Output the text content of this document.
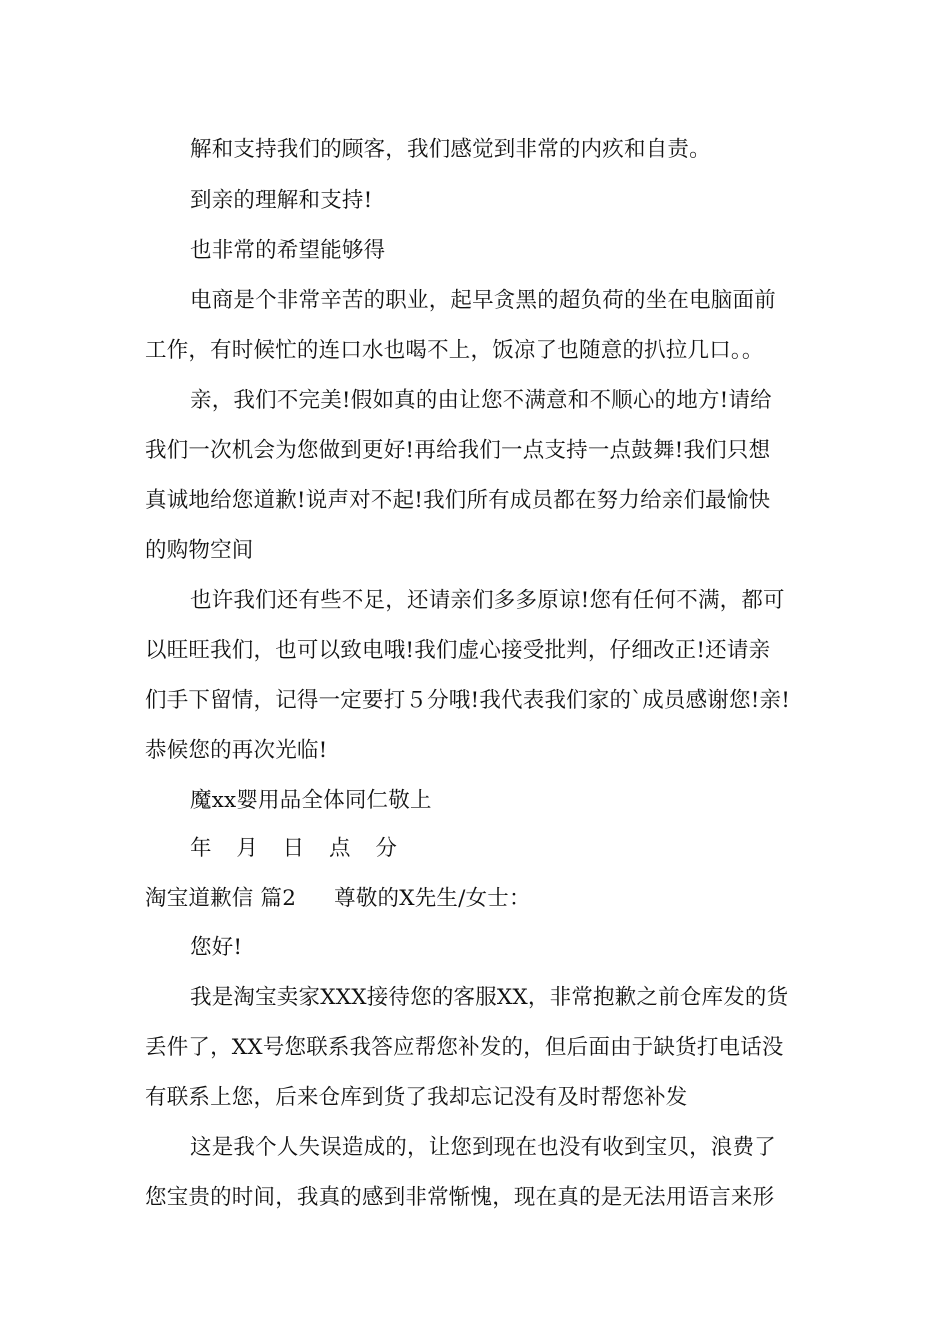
解和支持我们的顾客，我们感觉到非常的内疚和自责。
到亲的理解和支持!
也非常的希望能够得
电商是个非常辛苦的职业，起早贪黑的超负荷的坐在电脑面前
工作，有时候忙的连口水也喝不上，饭凉了也随意的扒拉几口。。
亲，我们不完美!假如真的由让您不满意和不顺心的地方!请给
我们一次机会为您做到更好!再给我们一点支持一点鼓舞!我们只想
真诚地给您道歉!说声对不起!我们所有成员都在努力给亲们最愉快
的购物空间
也许我们还有些不足，还请亲们多多原谅!您有任何不满，都可
以旺旺我们，也可以致电哦!我们虚心接受批判，仔细改正!还请亲
们手下留情，记得一定要打５分哦!我代表我们家的`成员感谢您!亲!
恭候您的再次光临!
魔xx婴用品全体同仁敬上
年 月 日 点 分
淘宝道歉信 篇2 尊敬的X先生/女士：
您好!
我是淘宝卖家XXX接待您的客服XX，非常抱歉之前仓库发的货
丢件了，XX号您联系我答应帮您补发的，但后面由于缺货打电话没
有联系上您，后来仓库到货了我却忘记没有及时帮您补发
这是我个人失误造成的，让您到现在也没有收到宝贝，浪费了
您宝贵的时间，我真的感到非常惭愧，现在真的是无法用语言来形
